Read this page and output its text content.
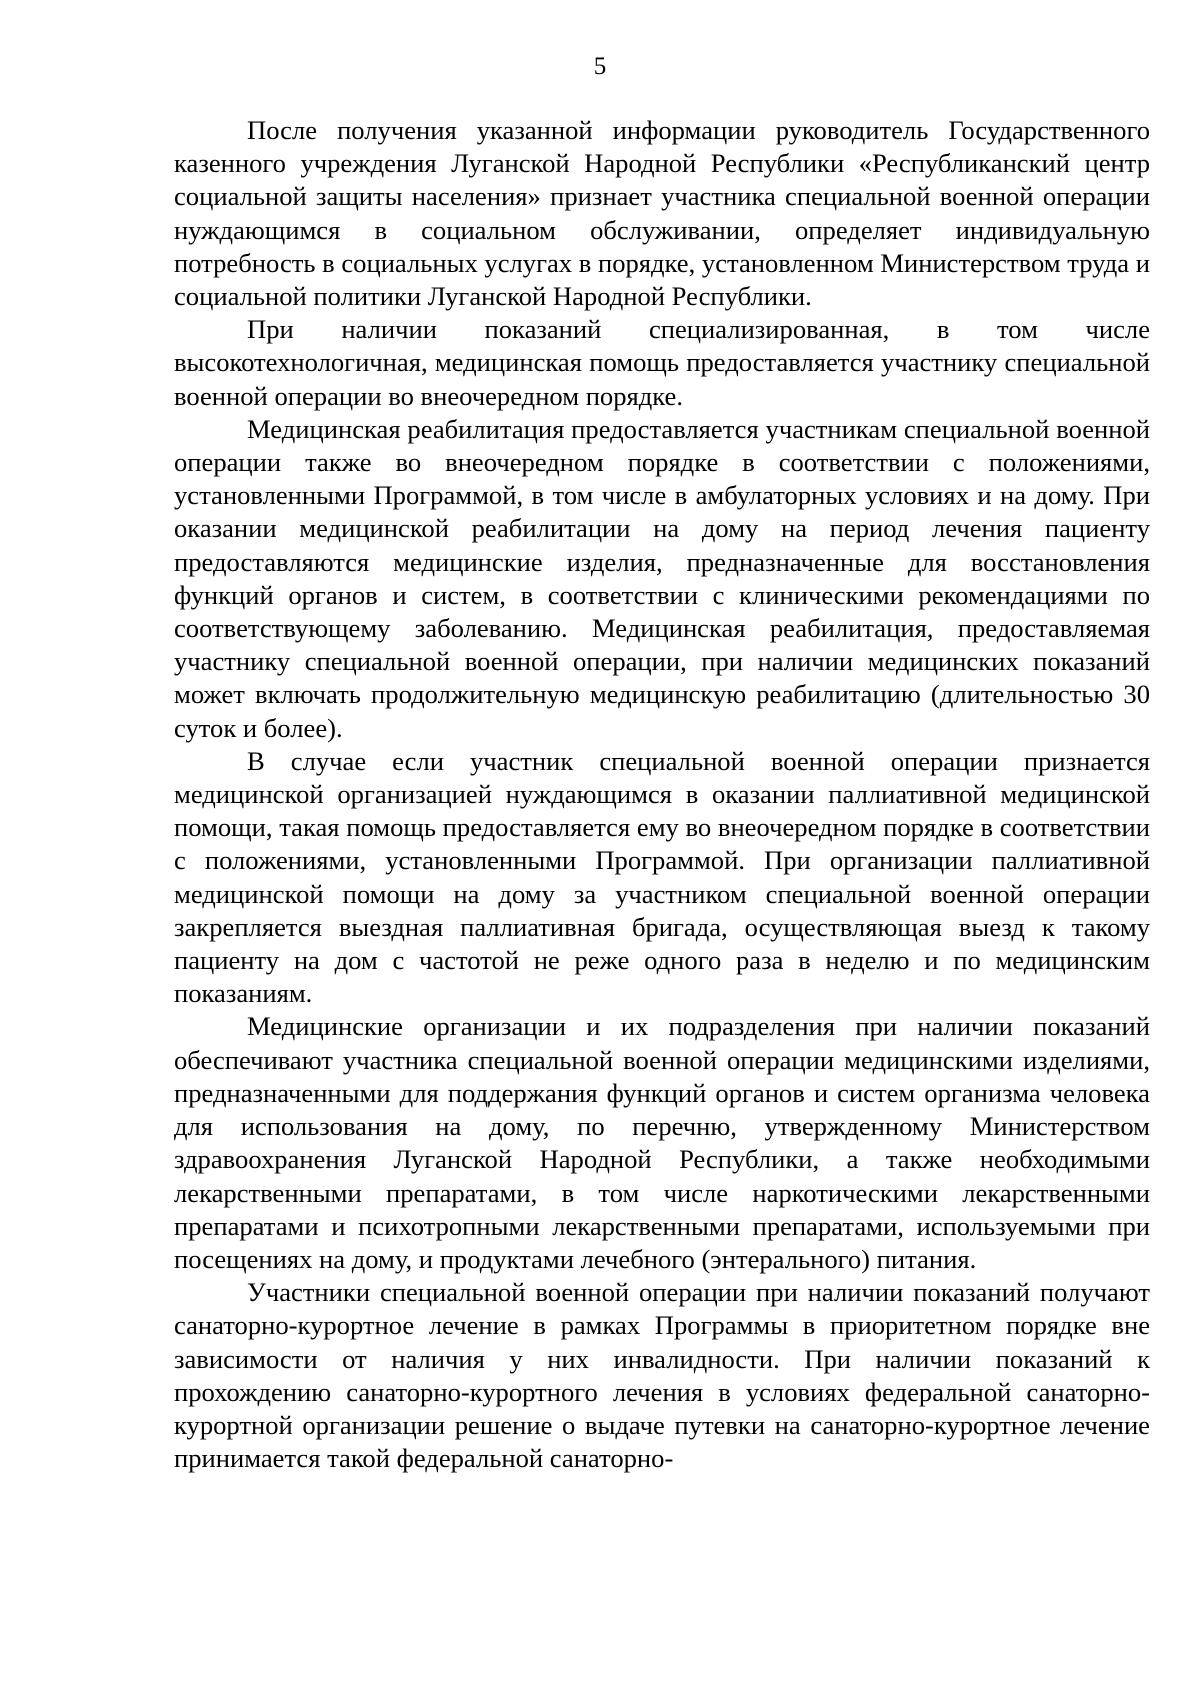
5

После получения указанной информации руководитель Государственного казенного учреждения Луганской Народной Республики «Республиканский центр социальной защиты населения» признает участника специальной военной операции нуждающимся в социальном обслуживании, определяет индивидуальную потребность в социальных услугах в порядке, установленном Министерством труда и социальной политики Луганской Народной Республики.

При наличии показаний специализированная, в том числе высокотехнологичная, медицинская помощь предоставляется участнику специальной военной операции во внеочередном порядке.

Медицинская реабилитация предоставляется участникам специальной военной операции также во внеочередном порядке в соответствии с положениями, установленными Программой, в том числе в амбулаторных условиях и на дому. При оказании медицинской реабилитации на дому на период лечения пациенту предоставляются медицинские изделия, предназначенные для восстановления функций органов и систем, в соответствии с клиническими рекомендациями по соответствующему заболеванию. Медицинская реабилитация, предоставляемая участнику специальной военной операции, при наличии медицинских показаний может включать продолжительную медицинскую реабилитацию (длительностью 30 суток и более).

В случае если участник специальной военной операции признается медицинской организацией нуждающимся в оказании паллиативной медицинской помощи, такая помощь предоставляется ему во внеочередном порядке в соответствии с положениями, установленными Программой. При организации паллиативной медицинской помощи на дому за участником специальной военной операции закрепляется выездная паллиативная бригада, осуществляющая выезд к такому пациенту на дом с частотой не реже одного раза в неделю и по медицинским показаниям.

Медицинские организации и их подразделения при наличии показаний обеспечивают участника специальной военной операции медицинскими изделиями, предназначенными для поддержания функций органов и систем организма человека для использования на дому, по перечню, утвержденному Министерством здравоохранения Луганской Народной Республики, а также необходимыми лекарственными препаратами, в том числе наркотическими лекарственными препаратами и психотропными лекарственными препаратами, используемыми при посещениях на дому, и продуктами лечебного (энтерального) питания.

Участники специальной военной операции при наличии показаний получают санаторно-курортное лечение в рамках Программы в приоритетном порядке вне зависимости от наличия у них инвалидности. При наличии показаний к прохождению санаторно-курортного лечения в условиях федеральной санаторно-курортной организации решение о выдаче путевки на санаторно-курортное лечение принимается такой федеральной санаторно-
